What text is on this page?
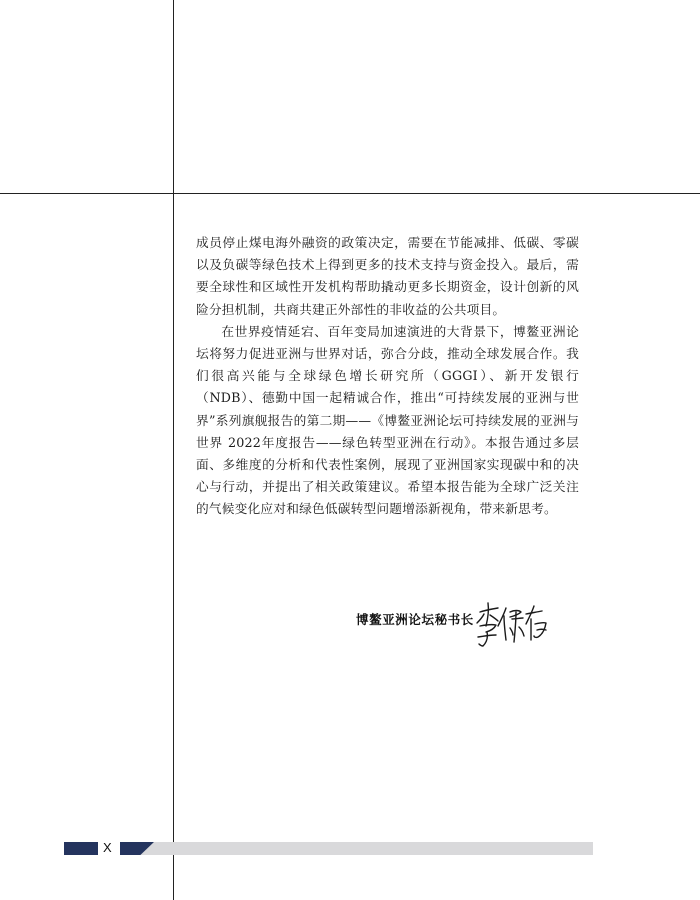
成员停止煤电海外融资的政策决定，需要在节能减排、低碳、零碳以及负碳等绿色技术上得到更多的技术支持与资金投入。最后，需要全球性和区域性开发机构帮助撬动更多长期资金，设计创新的风险分担机制，共商共建正外部性的非收益的公共项目。

在世界疫情延宕、百年变局加速演进的大背景下，博鳌亚洲论坛将努力促进亚洲与世界对话，弥合分歧，推动全球发展合作。我们很高兴能与全球绿色增长研究所（GGGI）、新开发银行（NDB）、德勤中国一起精诚合作，推出“可持续发展的亚洲与世界”系列旗舰报告的第二期——《博鳌亚洲论坛可持续发展的亚洲与世界 2022年度报告——绿色转型亚洲在行动》。本报告通过多层面、多维度的分析和代表性案例，展现了亚洲国家实现碳中和的决心与行动，并提出了相关政策建议。希望本报告能为全球广泛关注的气候变化应对和绿色低碳转型问题增添新视角，带来新思考。

博鳌亚洲论坛秘书长
X
